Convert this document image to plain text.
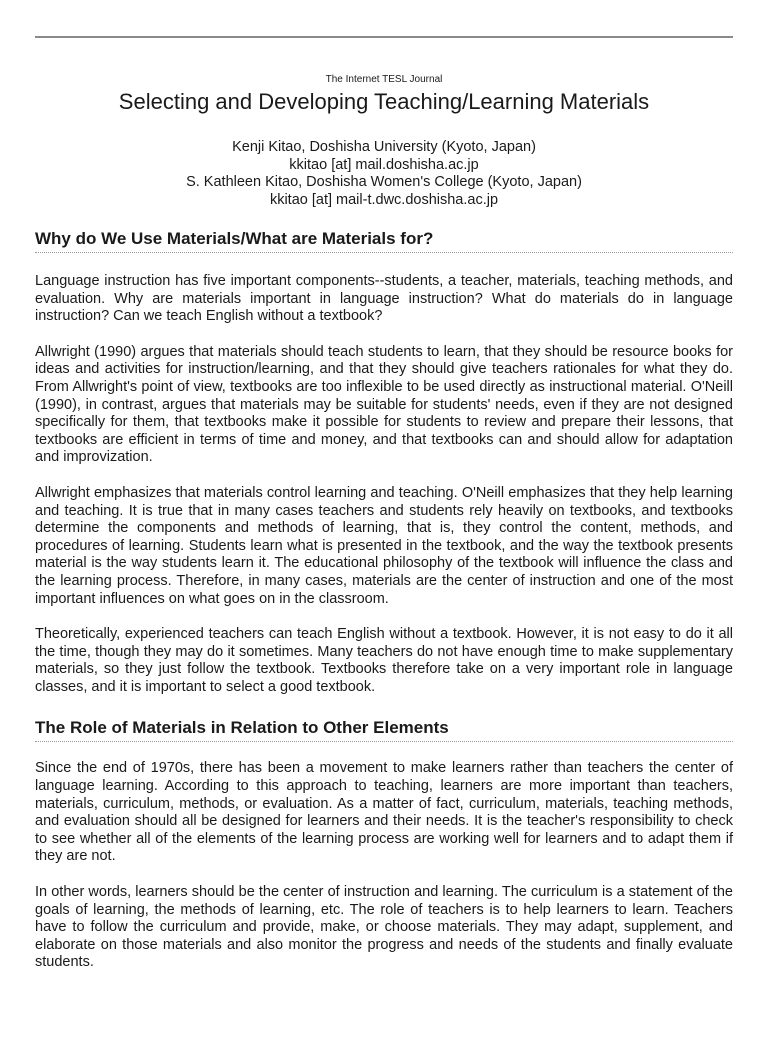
The Internet TESL Journal
Selecting and Developing Teaching/Learning Materials
Kenji Kitao, Doshisha University (Kyoto, Japan)
kkitao [at] mail.doshisha.ac.jp
S. Kathleen Kitao, Doshisha Women's College (Kyoto, Japan)
kkitao [at] mail-t.dwc.doshisha.ac.jp
Why do We Use Materials/What are Materials for?

Language instruction has five important components--students, a teacher, materials, teaching methods, and evaluation. Why are materials important in language instruction? What do materials do in language instruction? Can we teach English without a textbook?

Allwright (1990) argues that materials should teach students to learn, that they should be resource books for ideas and activities for instruction/learning, and that they should give teachers rationales for what they do. From Allwright's point of view, textbooks are too inflexible to be used directly as instructional material. O'Neill (1990), in contrast, argues that materials may be suitable for students' needs, even if they are not designed specifically for them, that textbooks make it possible for students to review and prepare their lessons, that textbooks are efficient in terms of time and money, and that textbooks can and should allow for adaptation and improvization.

Allwright emphasizes that materials control learning and teaching. O'Neill emphasizes that they help learning and teaching. It is true that in many cases teachers and students rely heavily on textbooks, and textbooks determine the components and methods of learning, that is, they control the content, methods, and procedures of learning. Students learn what is presented in the textbook, and the way the textbook presents material is the way students learn it. The educational philosophy of the textbook will influence the class and the learning process. Therefore, in many cases, materials are the center of instruction and one of the most important influences on what goes on in the classroom.

Theoretically, experienced teachers can teach English without a textbook. However, it is not easy to do it all the time, though they may do it sometimes. Many teachers do not have enough time to make supplementary materials, so they just follow the textbook. Textbooks therefore take on a very important role in language classes, and it is important to select a good textbook.

The Role of Materials in Relation to Other Elements

Since the end of 1970s, there has been a movement to make learners rather than teachers the center of language learning. According to this approach to teaching, learners are more important than teachers, materials, curriculum, methods, or evaluation. As a matter of fact, curriculum, materials, teaching methods, and evaluation should all be designed for learners and their needs. It is the teacher's responsibility to check to see whether all of the elements of the learning process are working well for learners and to adapt them if they are not.

In other words, learners should be the center of instruction and learning. The curriculum is a statement of the goals of learning, the methods of learning, etc. The role of teachers is to help learners to learn. Teachers have to follow the curriculum and provide, make, or choose materials. They may adapt, supplement, and elaborate on those materials and also monitor the progress and needs of the students and finally evaluate students.
